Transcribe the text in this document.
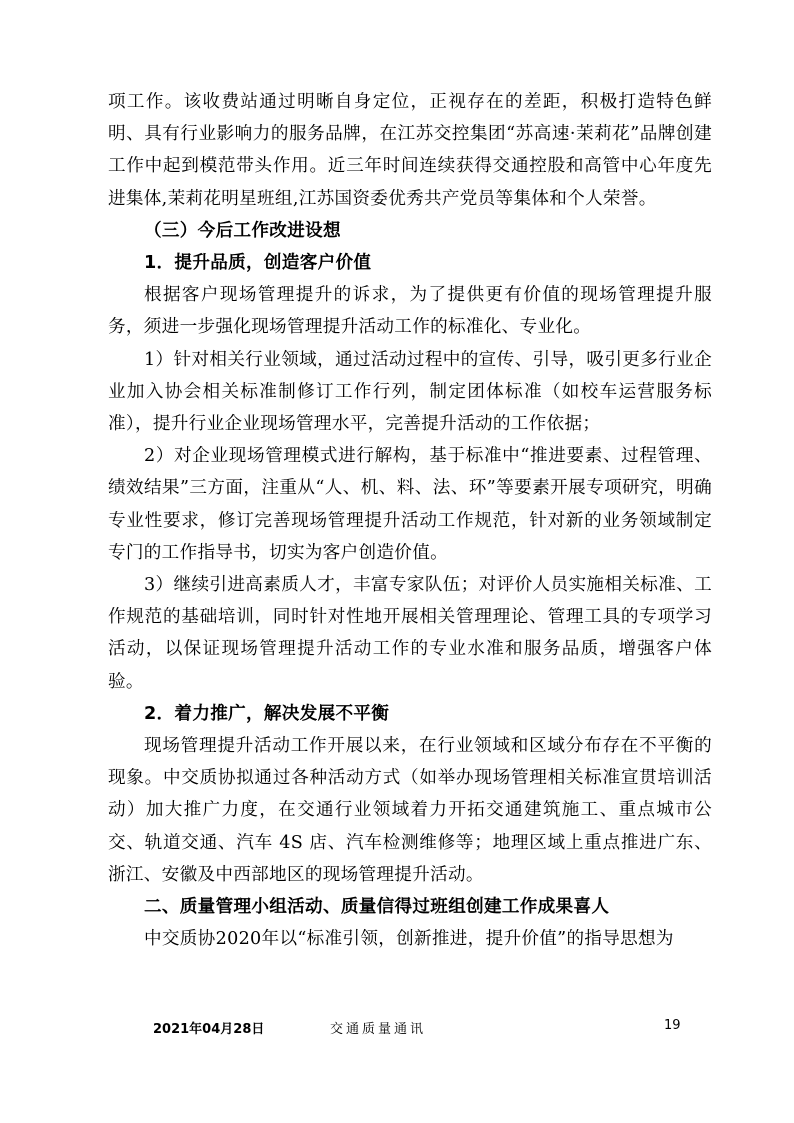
项工作。该收费站通过明晰自身定位，正视存在的差距，积极打造特色鲜明、具有行业影响力的服务品牌，在江苏交控集团“苏高速·茉莉花”品牌创建工作中起到模范带头作用。近三年时间连续获得交通控股和高管中心年度先进集体,茉莉花明星班组,江苏国资委优秀共产党员等集体和个人荣誉。

（三）今后工作改进设想

1．提升品质，创造客户价值

根据客户现场管理提升的诉求，为了提供更有价值的现场管理提升服务，须进一步强化现场管理提升活动工作的标准化、专业化。

1）针对相关行业领域，通过活动过程中的宣传、引导，吸引更多行业企业加入协会相关标准制修订工作行列，制定团体标准（如校车运营服务标准），提升行业企业现场管理水平，完善提升活动的工作依据；

2）对企业现场管理模式进行解构，基于标准中“推进要素、过程管理、绩效结果”三方面，注重从“人、机、料、法、环”等要素开展专项研究，明确专业性要求，修订完善现场管理提升活动工作规范，针对新的业务领域制定专门的工作指导书，切实为客户创造价值。

3）继续引进高素质人才，丰富专家队伍；对评价人员实施相关标准、工作规范的基础培训，同时针对性地开展相关管理理论、管理工具的专项学习活动，以保证现场管理提升活动工作的专业水准和服务品质，增强客户体验。

2．着力推广，解决发展不平衡

现场管理提升活动工作开展以来，在行业领域和区域分布存在不平衡的现象。中交质协拟通过各种活动方式（如举办现场管理相关标准宣贯培训活动）加大推广力度，在交通行业领域着力开拓交通建筑施工、重点城市公交、轨道交通、汽车 4S 店、汽车检测维修等；地理区域上重点推进广东、浙江、安徽及中西部地区的现场管理提升活动。

二、质量管理小组活动、质量信得过班组创建工作成果喜人

中交质协2020年以“标准引领，创新推进，提升价值”的指导思想为

2021年04月28日	交通质量通讯	19
